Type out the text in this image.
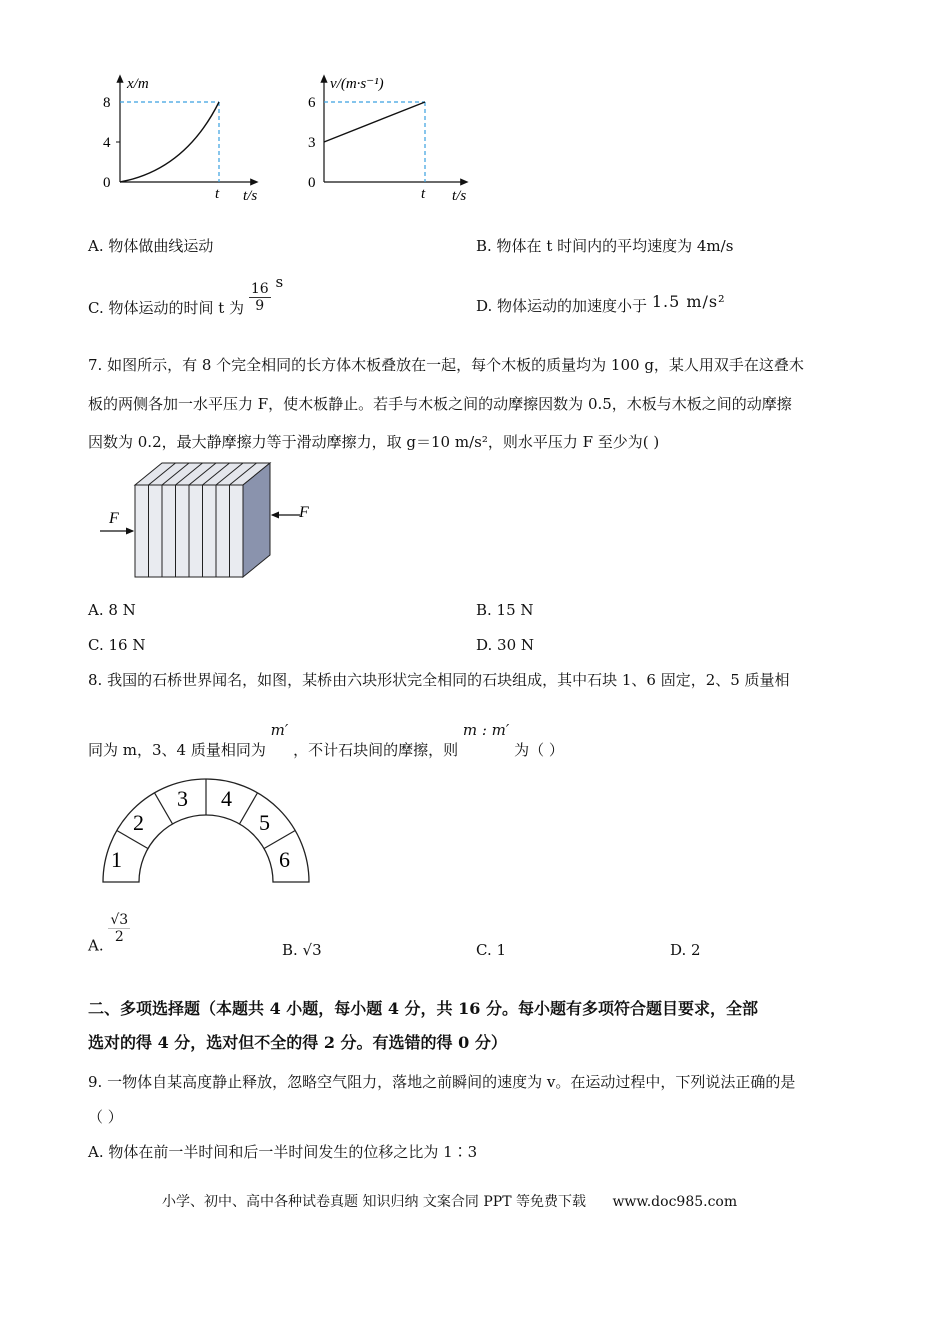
x/m
8
4
0
t t/s
v/(m·s⁻¹)
6
3
0
t t/s
A. 物体做曲线运动	B. 物体在 t 时间内的平均速度为 4m/s
C. 物体运动的时间 t 为 $\frac{16}{9}$ s
D. 物体运动的加速度小于 1.5 m/s²
7. 如图所示，有 8 个完全相同的长方体木板叠放在一起，每个木板的质量均为 100 g，某人用双手在这叠木
板的两侧各加一水平压力 F，使木板静止。若手与木板之间的动摩擦因数为 0.5，木板与木板之间的动摩擦
因数为 0.2，最大静摩擦力等于滑动摩擦力，取 g＝10 m/s²，则水平压力 F 至少为( )
F	F
A. 8 N	B. 15 N
C. 16 N	D. 30 N
8. 我国的石桥世界闻名，如图，某桥由六块形状完全相同的石块组成，其中石块 1、6 固定，2、5 质量相
同为 m，3、4 质量相同为 m′ ，不计石块间的摩擦，则 m : m′ 为（ ）
1
2
3 4
5
6
A.
$\frac{√3}{2}$
B. √3	C. 1	D. 2
二、多项选择题（本题共 4 小题，每小题 4 分，共 16 分。每小题有多项符合题目要求，全部
选对的得 4 分，选对但不全的得 2 分。有选错的得 0 分）
9. 一物体自某高度静止释放，忽略空气阻力，落地之前瞬间的速度为 v。在运动过程中，下列说法正确的是
（ ）
A. 物体在前一半时间和后一半时间发生的位移之比为 1∶3
小学、初中、高中各种试卷真题 知识归纳 文案合同 PPT 等免费下载 www.doc985.com
